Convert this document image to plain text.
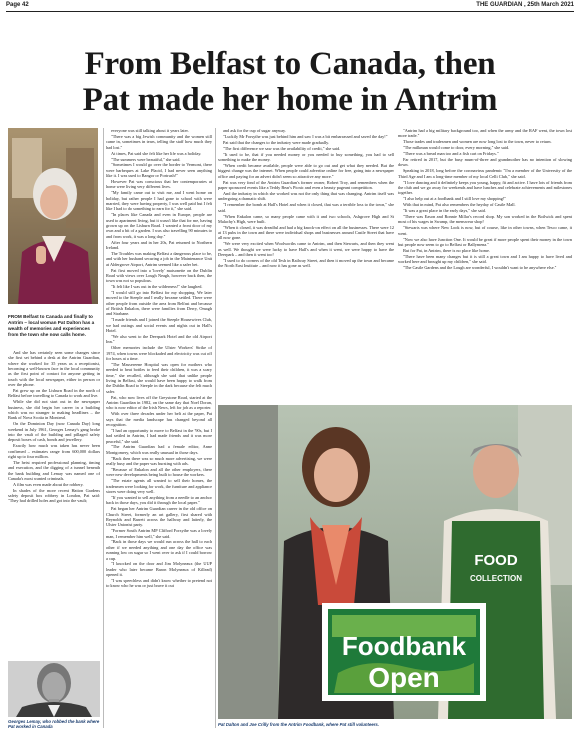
Page 42	THE GUARDIAN , 25th March 2021
From Belfast to Canada, then
Pat made her home in Antrim
FROM Belfast to Canada and finally to Antrim – local woman Pat Dalton has a wealth of memories and experiences from the town she now calls home.

And she has certainly seen some changes since she first set behind a desk at the Antrim Guardian, where she worked for 35 years as a receptionist, becoming a well-known face in the local community as the first point of contact for anyone getting in touch with the local newspaper, either in person or over the phone.

Pat grew up on the Lisburn Road in the north of Belfast before travelling to Canada to work and live.

While she did not start out in the newspaper business, she did begin her career in a building which was no stranger to making headlines – the Bank of Nova Scotia in Montreal.

On the Dominion Day (now Canada Day) long weekend in July 1961, Georges Lemay's gang broke into the vault of the building and pillaged safety deposit boxes of cash, bonds and jewellery.

Exactly how much was taken has never been confirmed – estimates range from 600,000 dollars right up to four million.

The heist required professional planning, timing and execution, and the digging of a tunnel beneath the bank building and Lemay was named one of Canada's most wanted criminals.

A film was even made about the robbery.

In shades of the more recent Hatton Gardens safety deposit box robbery in London, Pat said: "They had drilled holes and got into the vault;

Georges Lemay, who robbed the bank where Pat worked in Canada

everyone was still talking about it years later.

"There was a big Jewish community and the women still came in, sometimes in tears, telling the staff how much they had lost."

At times, Pat said she felt like her life was a holiday.

"The summers were beautiful," she said.

"Sometimes I would go over the border to Vermont, there were barbeques at Lake Placid, I had never seen anything like it. I was used to Bangor or Portrush!"

However Pat was conscious that her contemporaries at home were living very different lives.

"My family came out to visit me, and I went home on holiday, but rather people I had gone to school with were married, they were having property, I was well paid but I felt like I had to do something to earn for it," she said.

"In places like Canada and even in Europe, people are used to apartment living, but it wasn't like that for me, having grown up on the Lisburn Road. I wanted a front door of my own and a bit of a garden. I was also travelling 90 minutes to and from work, it was a long day."

After four years and in her 20s, Pat returned to Northern Ireland.

The Troubles was making Belfast a dangerous place to be, and with her husband securing a job in the Maintenance Unit at Aldergrove Airport, Antrim seemed like a safer bet.

Pat first moved into a 'lovely' maisonette on the Dublin Road with views over Lough Neagh, however back then, the town was not so populous.

"It felt like I was out in the wilderness!" she laughed.

"I would still go into Belfast for my shopping. We later moved to the Steeple and I really became settled. There were other people from outside the area from Belfast and because of British Enkalon, there were families from Derry, Omagh and Strabane.

"I made friends and I joined the Steeple Housewives Club, we had outings and social events and nights out in Hall's Hotel.

"We also went to the Deerpark Hotel and the old Airport Inn."

Other memories include the Ulster Workers' Strike of 1974, when towns were blockaded and electricity was cut off for hours at a time.

"The Massereene Hospital was open for mothers who needed to heat bottles to feed their children, it was a scary time," she recalled, although she said that unlike people living in Belfast, she would have been happy to walk from the Dublin Road to Steeple in the dark because she felt much safer.

Pat, who now lives off the Greystone Road, started at the Antrim Guardian in 1982, on the same day that Noel Doran, who is now editor of the Irish News, left for job as a reporter.

With over three decades under her belt at the paper, Pat says that the media landscape has changed beyond all recognition.

"I had an opportunity to move to Belfast in the '90s, but I had settled in Antrim, I had made friends and it was more peaceful," she said.

"The Antrim Guardian had a female editor, Anne Montgomery, which was really unusual in those days.

"Back then there was so much more advertising, we were really busy and the paper was bursting with ads.

"Because of Enkalon and all the other employers, there were new developments being built to house the workers.

"The estate agents all wanted to sell their homes, the tradesmen were looking for work, the furniture and appliance stores were doing very well.

"If you wanted to sell anything from a needle to an anchor back in those days, you did it through the local paper."

Pat began her Antrim Guardian career in the old office on Church Street, formerly an art gallery, first shared with Reynolds and Barrett across the hallway and latterly, the Ulster Unionist party.

"Former South Antrim MP Clifford Forsythe was a lovely man, I remember him well," she said.

"Back in those days we would run across the hall to each other if we needed anything and one day the office was running low on sugar so I went over to ask if I could borrow a cup.

"I knocked on the door and Jim Molyneaux (the UUP leader who later became Baron Molyneaux of Killead) opened it.

"I was speechless and didn't know whether to pretend not to know who he was or just brave it out

and ask for the cup of sugar anyway.

"Luckily Mr Forsythe was just behind him and saw I was a bit embarrassed and saved the day!"

Pat said that the changes to the industry were made gradually.

"The first difference we saw was the availability of credit," she said.

"It used to be, that if you needed money or you needed to buy something, you had to sell something to make the money.

"When credit became available, people were able to go out and get what they needed. But the biggest change was the internet. When people could advertise online for free, going into a newspaper office and paying for an advert didn't seem so attractive any more."

Pat was very fond of the Antrim Guardian's former owner, Robert Troy, and remembers when the paper sponsored events like a Teddy Bear's Picnic and even a beauty pageant competition.

And the industry in which she worked was not the only thing that was changing. Antrim itself was undergoing a dramatic shift.

"I remember the bomb at Hall's Hotel and when it closed, that was a terrible loss to the town," she said.

"When Enkalon came, so many people came with it and two schools, Ashgrove High and St Malachy's High, were built.

"When it closed, it was dreadful and had a big knock-on effect on all the businesses. There were 12 at 13 pubs in the town and there were individual shops and businesses around Castle Street that have all now gone.

"We were very excited when Woolworths came to Antrim, and then Stewarts, and then they went as well. We thought we were lucky to have Hall's and when it went, we were happy to have the Deerpark – and then it went too!

"I used to do corners of the old Tesh in Railway Street, and then it moved up the town and became the North East Institute – and now it has gone as well.

"Antrim had a big military background too, and when the army and the RAF went, the town lost more trade."

Those trades and tradesmen and women are now long lost to the town, never to return.

"The milkman would come to door, every morning," she said.

"There was a bread man too and a fish cart on Fridays."

Far retired in 2017, but the busy mum-of-three and grandmother has no intention of slowing down.

Speaking in 2018, long before the coronavirus pandemic "I'm a member of the University of the Third Age and I am a long-time member of my local Celli Club," she said.

"I love dancing and it definitely keeps you young, happy, fit and active. I have lots of friends from the club and we go away for weekends and have lunches and celebrate achievements and milestones together.

"I also help out at a foodbank and I still love my shopping!"

With that in mind, Pat also remembers the heyday of Castle Mall.

"It was a great place in the early days," she said.

"There was Eason and Ronnie Millar's record shop. My son worked in the Boilwick and spent most of his wages in Swamp, the menswear shop!

"Stewarts was where New Look is now, but of course, like in other towns, when Tesco came, it went.

"Now we also have Junction One. It would be great if more people spent their money in the town but people now seem to go to Belfast or Ballymena."

But for Pat, in Antrim, there is no place like home.

"There have been many changes but it is still a great town and I am happy to have lived and worked here and brought up my children," she said.

"The Castle Gardens and the Lough are wonderful, I wouldn't want to be anywhere else."

FOOD
COLLECTION
Foodbank
Open
Pat Dalton and Joe Crilly from the Antrim Foodbank, where Pat still volunteers.
